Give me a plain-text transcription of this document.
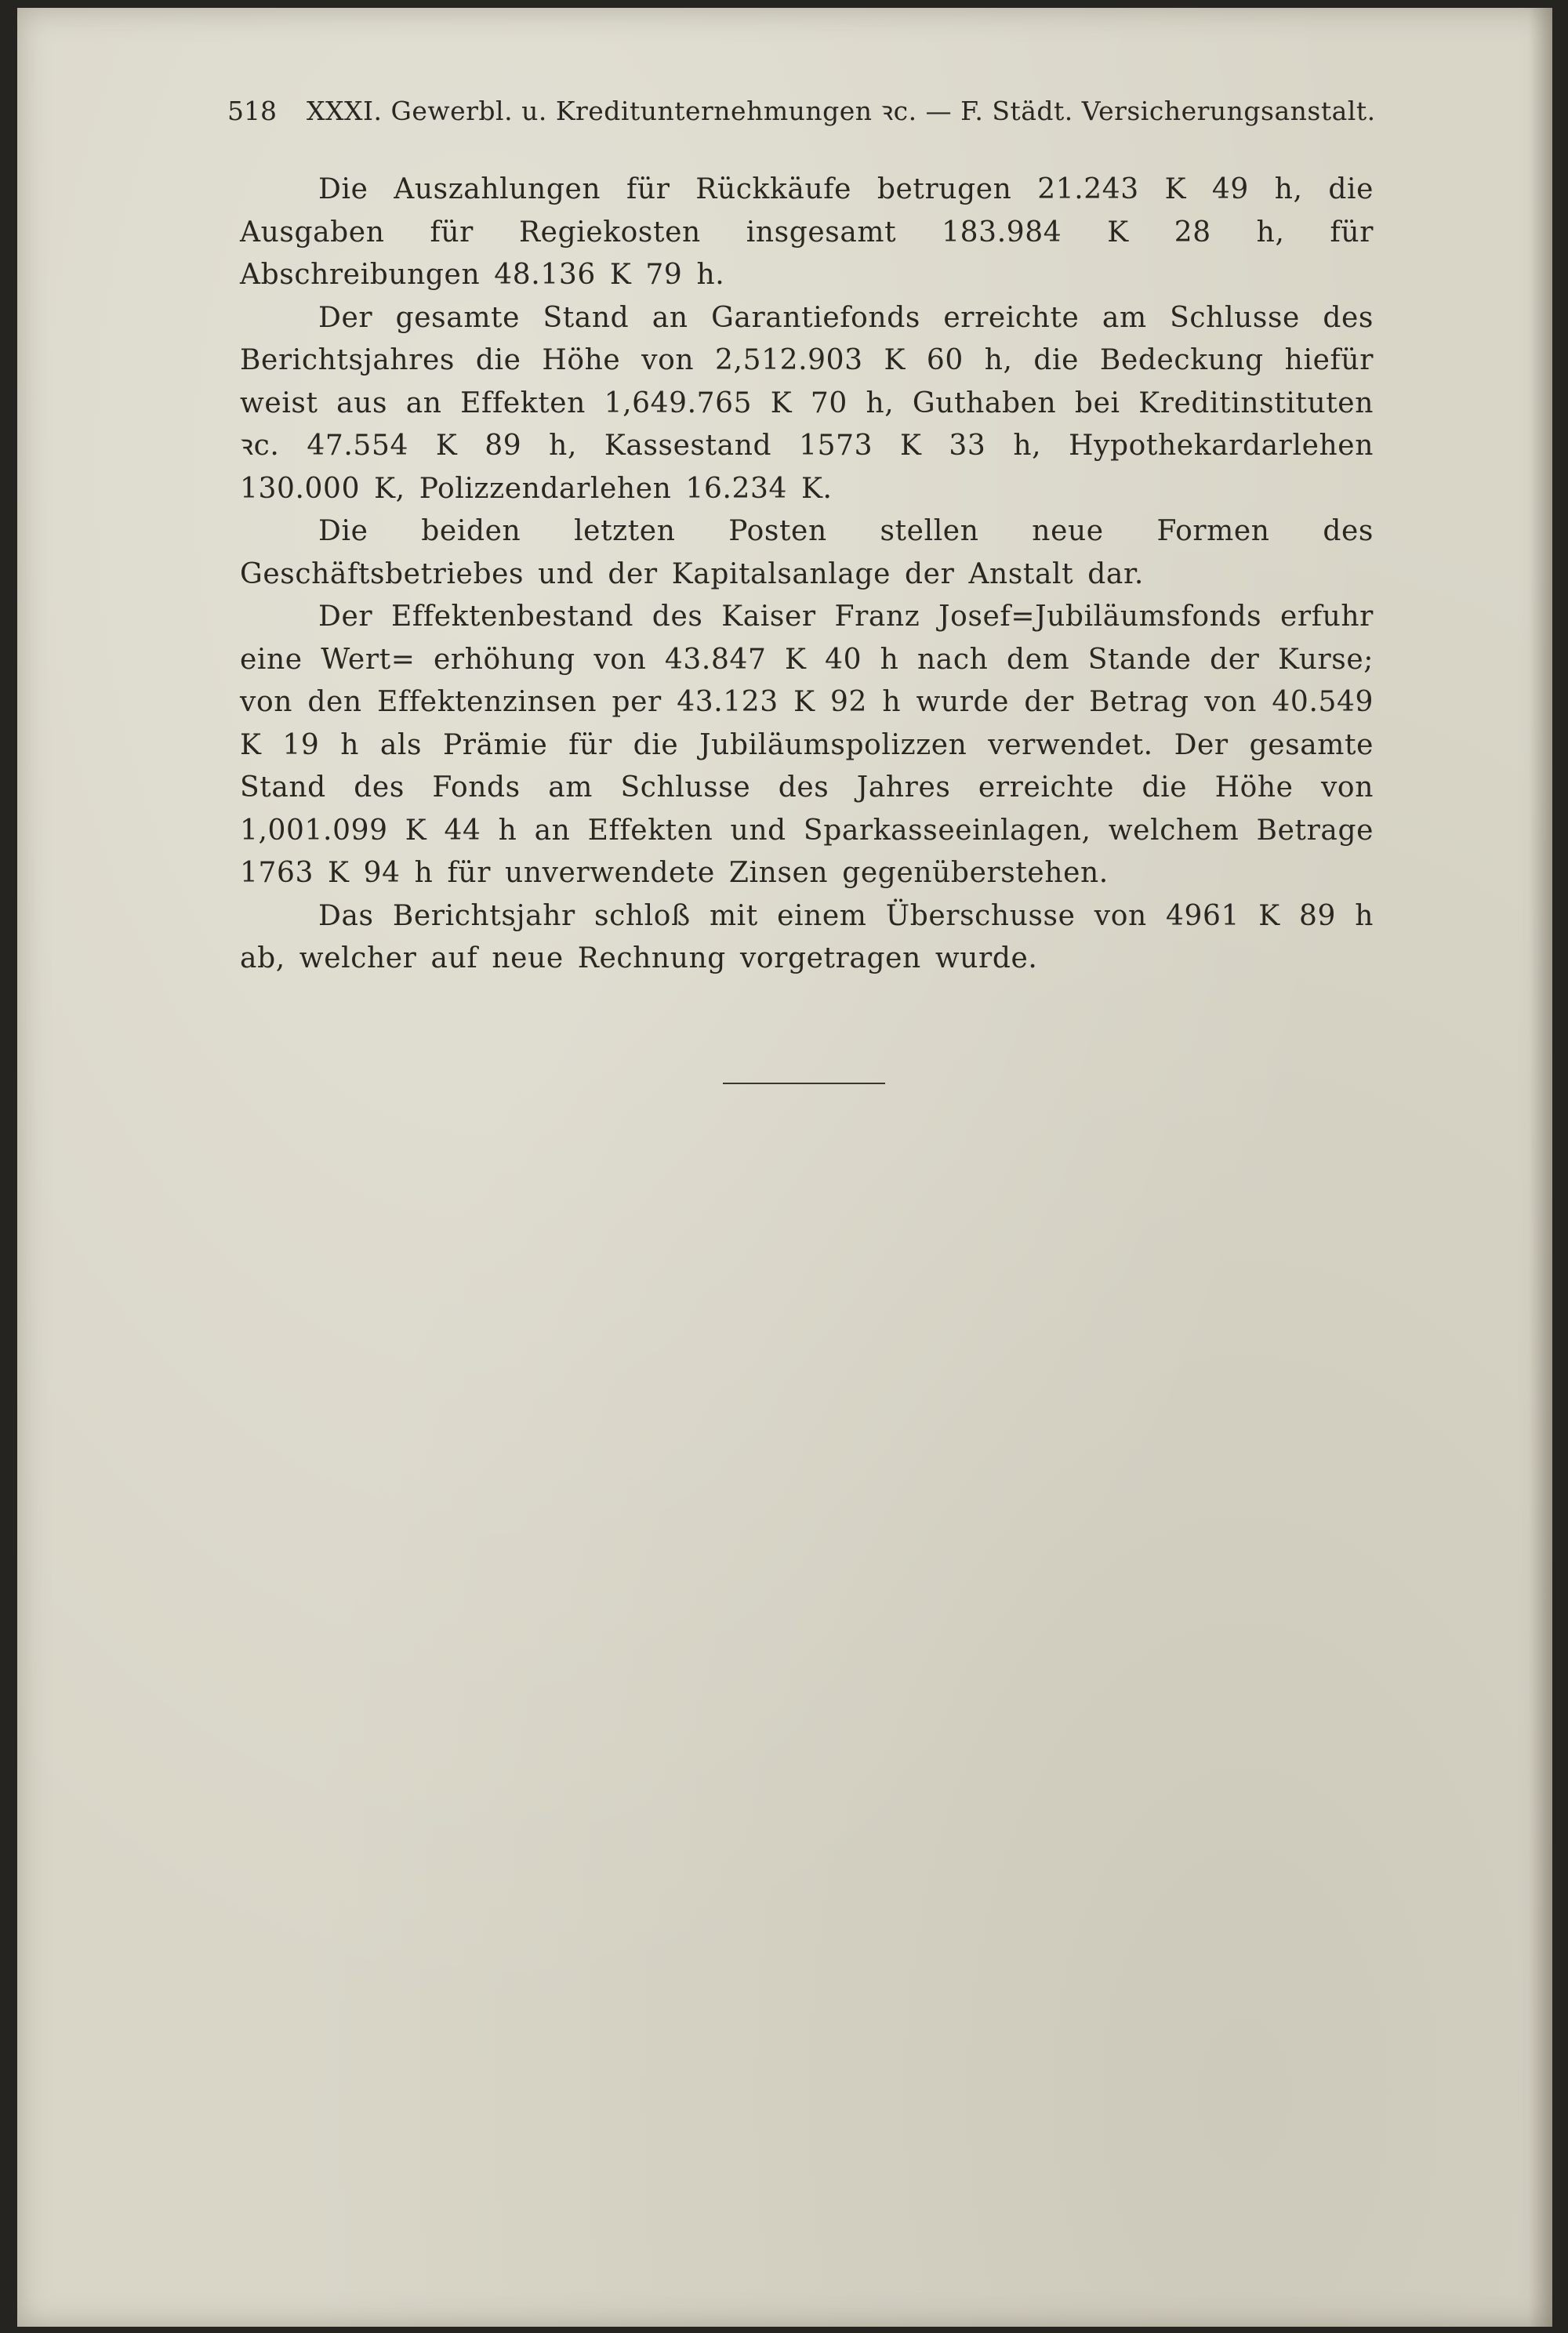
518 XXXI. Gewerbl. u. Kreditunternehmungen ꝛc. — F. Städt. Versicherungsanstalt.

Die Auszahlungen für Rückkäufe betrugen 21.243 K 49 h, die Ausgaben für Regiekosten insgesamt 183.984 K 28 h, für Abschreibungen 48.136 K 79 h.

Der gesamte Stand an Garantiefonds erreichte am Schlusse des Berichtsjahres die Höhe von 2,512.903 K 60 h, die Bedeckung hiefür weist aus an Effekten 1,649.765 K 70 h, Guthaben bei Kreditinstituten ꝛc. 47.554 K 89 h, Kassestand 1573 K 33 h, Hypothekardarlehen 130.000 K, Polizzendarlehen 16.234 K.

Die beiden letzten Posten stellen neue Formen des Geschäftsbetriebes und der Kapitalsanlage der Anstalt dar.

Der Effektenbestand des Kaiser Franz Josef=Jubiläumsfonds erfuhr eine Wert= erhöhung von 43.847 K 40 h nach dem Stande der Kurse; von den Effektenzinsen per 43.123 K 92 h wurde der Betrag von 40.549 K 19 h als Prämie für die Jubiläumspolizzen verwendet. Der gesamte Stand des Fonds am Schlusse des Jahres erreichte die Höhe von 1,001.099 K 44 h an Effekten und Sparkasseeinlagen, welchem Betrage 1763 K 94 h für unverwendete Zinsen gegenüberstehen.

Das Berichtsjahr schloß mit einem Überschusse von 4961 K 89 h ab, welcher auf neue Rechnung vorgetragen wurde.
